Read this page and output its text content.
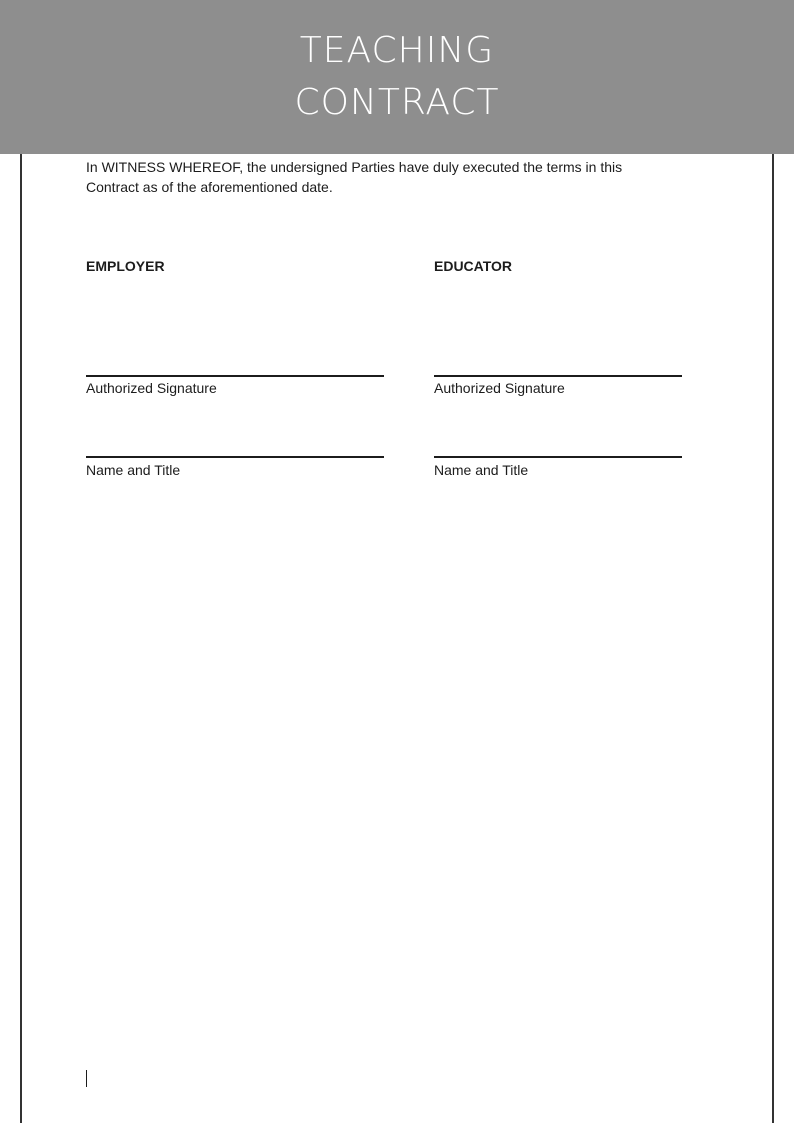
TEACHING
CONTRACT
In WITNESS WHEREOF, the undersigned Parties have duly executed the terms in this
Contract as of the aforementioned date.
EMPLOYER
Authorized Signature
Name and Title
EDUCATOR
Authorized Signature
Name and Title
